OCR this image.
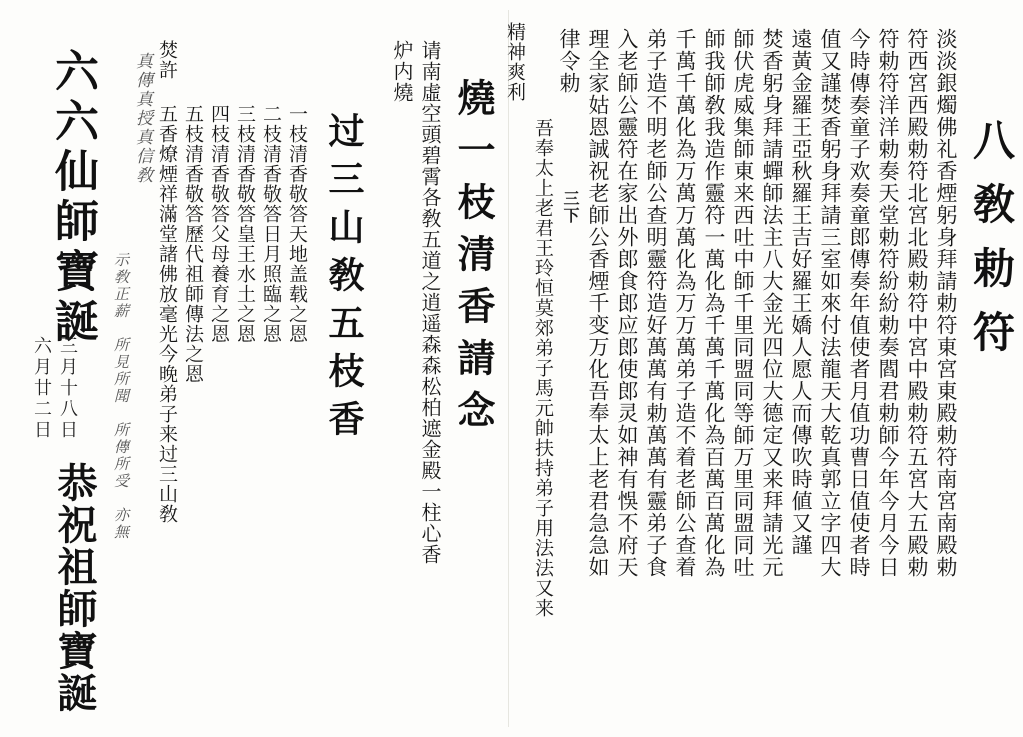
八敎勅符
淡淡銀燭佛礼香煙躬身拜請勅符東宮東殿勅符南宮南殿勅
符西宮西殿勅符北宮北殿勅符中宮中殿勅符五宮大五殿勅
符勅符洋洋勅奏天堂勅符紛紛勅奏閻君勅師今年今月今日
今時傳奏童子欢奏童郎傳奏年值使者月值功曹日值使者時
值又謹焚香躬身拜請三室如來付法龍天大乾真郭立字四大
遠黃金羅王亞秋羅王吉好羅王嬌人愿人而傳吹時値又謹
焚香躬身拜請蟬師法主八大金光四位大德定又来拜請光元
師伏虎威集師東来西吐中師千里同盟同等師万里同盟同吐
師我師敎我造作靈符一萬化為千萬千萬化為百萬百萬化為
千萬千萬化為万萬万萬化為万万萬弟子造不着老師公查着
弟子造不明老師公查明靈符造好萬萬有勅萬萬有靈弟子食
入老師公靈符在家出外郎食郎应郎使郎灵如神有悞不府天
理全家姑恩誠祝老師公香煙千变万化吾奉太上老君急急如
律令勅
三下
吾奉太上老君王玲恒莫郊弟子馬元帥扶持弟子用法法又来
精神爽利
燒一枝清香請念
请南虛空頭碧霄各敎五道之逍遥森森松柏遮金殿一柱心香
炉内燒
过三山敎五枝香
一枝清香敬答天地盖载之恩
二枝清香敬答日月照臨之恩
三枝清香敬答皇王水土之恩
四枝清香敬答父母養育之恩
五枝清香敬答歷代祖師傳法之恩
五香燎煙祥滿堂諸佛放毫光今晚弟子来过三山敎
焚許
真傳真授真信敎
示敎正薪　所見所聞　所傳所受　亦無
六六仙師寶誕
三月十八日
六月廿二日
恭祝祖師寶誕
